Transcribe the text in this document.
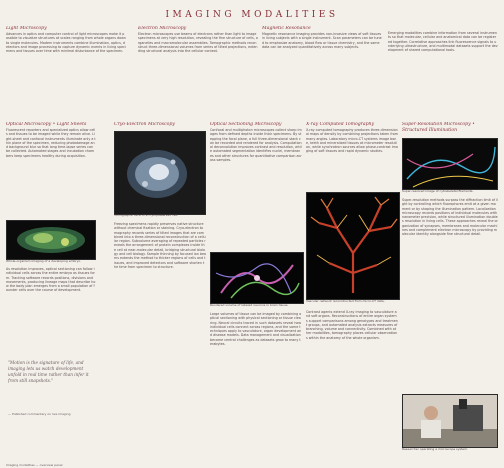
IMAGING MODALITIES
Light Microscopy
Advances in optics and computer control of light microscopes make it possible to visualize structures at scales ranging from whole organs down to single molecules. Modern instruments combine illumination, optics, detectors and image processing to capture dynamic events in living specimens and tissues over time with minimal disturbance of the specimen.
Electron Microscopy
Electron microscopes use beams of electrons rather than light to image specimens at very high resolution, revealing the fine structure of cells, organelles and macromolecular assemblies. Tomographic methods reconstruct three-dimensional volumes from series of tilted projections, extending structural analysis into the cellular context.
Magnetic Resonance
Magnetic resonance imaging provides non-invasive views of soft tissues in living subjects with a single instrument. Scan parameters can be tuned to emphasize anatomy, blood flow or tissue chemistry, and the same data can be analyzed quantitatively across many subjects.
Emerging modalities combine information from several instruments so that molecular, cellular and anatomical data can be registered together. Correlative approaches link fluorescence signals to underlying ultrastructure, and multimodal datasets support the development of shared computational tools.
Optical Microscopy • Light Sheets
Fluorescent reporters and specialized optics allow cells and tissues to be imaged while they remain alive. Light-sheet and confocal instruments illuminate only a thin plane of the specimen, reducing photodamage and background blur so that long time-lapse series can be collected. Automated stages and incubation chambers keep specimens healthy during acquisition.
Whole-organism imaging of a developing embryo.
As resolution improves, optical sectioning can follow individual cells across the entire embryo as tissues form. Tracking software records positions, divisions and movements, producing lineage maps that describe how the body plan emerges from a small population of founder cells over the course of development.
"Motion is the signature of life, and imaging lets us watch development unfold in real time rather than infer it from still snapshots."
— Published commentary on live imaging
Cryo-Electron Microscopy
Tomographic slice of a cryo-preserved cell.
Freezing specimens rapidly preserves native structure without chemical fixation or staining. Cryo-electron tomography records series of tilted images that are combined into a three-dimensional reconstruction of a cellular region. Subvolume averaging of repeated particles reveals the arrangement of protein complexes inside the cell at near-molecular detail, bridging structural biology and cell biology. Sample thinning by focused ion beams extends the method to thicker regions of cells and tissues, and improved detectors and software shorten the time from specimen to structure.
Optical Sectioning Microscopy
Confocal and multiphoton microscopes collect sharp images from defined depths inside thick specimens. By stepping the focal plane, a full three-dimensional stack can be recorded and rendered for analysis. Computational deconvolution improves contrast and resolution, while automated segmentation identifies nuclei, membranes and other structures for quantitative comparison across samples.
Rendered volume of labeled neurons in brain tissue.
Large volumes of tissue can be imaged by combining optical sectioning with physical sectioning or tissue clearing. Neural circuits traced in such datasets reveal how individual cells connect across regions, and the same techniques apply to vasculature, organ development and disease models. Data management and visualization become central challenges as datasets grow to many terabytes.
X-ray Computed Tomography
X-ray computed tomography produces three-dimensional maps of density by combining projections taken from many angles. Laboratory micro-CT systems image bone, teeth and mineralized tissues at micrometer resolution, while synchrotron sources allow phase-contrast imaging of soft tissues and rapid dynamic studies.
Vascular network reconstructed from micro-CT data.
Contrast agents extend X-ray imaging to vasculature and soft organs. Reconstructions of entire organ systems support comparisons among genotypes and treatment groups, and automated analysis extracts measures of branching, volume and connectivity. Combined with other modalities, tomography places cellular observations within the anatomy of the whole organism.
Super-Resolution Microscopy • Structured Illumination
Super-resolved image of cytoskeletal filaments.
Super-resolution methods surpass the diffraction limit of light by controlling which fluorophores emit at a given moment or by shaping the illumination pattern. Localization microscopy records positions of individual molecules with nanometer precision, while structured illumination doubles resolution in living cells. These approaches reveal the organization of synapses, membranes and molecular machines and complement electron microscopy by providing molecular identity alongside fine structural detail.
Researcher operating a microscope system.
Imaging modalities — overview panel
